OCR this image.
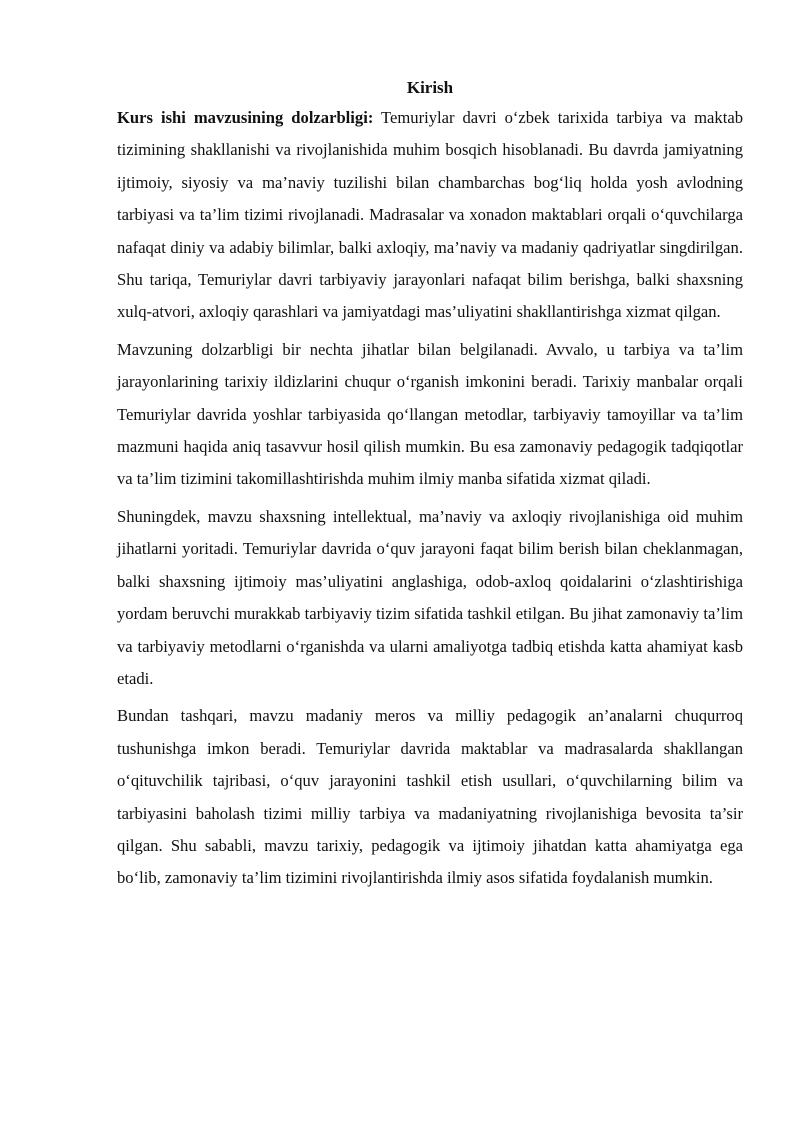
Kirish

Kurs ishi mavzusining dolzarbligi: Temuriylar davri o‘zbek tarixida tarbiya va maktab tizimining shakllanishi va rivojlanishida muhim bosqich hisoblanadi. Bu davrda jamiyatning ijtimoiy, siyosiy va ma’naviy tuzilishi bilan chambarchas bog‘liq holda yosh avlodning tarbiyasi va ta’lim tizimi rivojlanadi. Madrasalar va xonadon maktablari orqali o‘quvchilarga nafaqat diniy va adabiy bilimlar, balki axloqiy, ma’naviy va madaniy qadriyatlar singdirilgan. Shu tariqa, Temuriylar davri tarbiyaviy jarayonlari nafaqat bilim berishga, balki shaxsning xulq-atvori, axloqiy qarashlari va jamiyatdagi mas’uliyatini shakllantirishga xizmat qilgan.

Mavzuning dolzarbligi bir nechta jihatlar bilan belgilanadi. Avvalo, u tarbiya va ta’lim jarayonlarining tarixiy ildizlarini chuqur o‘rganish imkonini beradi. Tarixiy manbalar orqali Temuriylar davrida yoshlar tarbiyasida qo‘llangan metodlar, tarbiyaviy tamoyillar va ta’lim mazmuni haqida aniq tasavvur hosil qilish mumkin. Bu esa zamonaviy pedagogik tadqiqotlar va ta’lim tizimini takomillashtirishda muhim ilmiy manba sifatida xizmat qiladi.

Shuningdek, mavzu shaxsning intellektual, ma’naviy va axloqiy rivojlanishiga oid muhim jihatlarni yoritadi. Temuriylar davrida o‘quv jarayoni faqat bilim berish bilan cheklanmagan, balki shaxsning ijtimoiy mas’uliyatini anglashiga, odob-axloq qoidalarini o‘zlashtirishiga yordam beruvchi murakkab tarbiyaviy tizim sifatida tashkil etilgan. Bu jihat zamonaviy ta’lim va tarbiyaviy metodlarni o‘rganishda va ularni amaliyotga tadbiq etishda katta ahamiyat kasb etadi.

Bundan tashqari, mavzu madaniy meros va milliy pedagogik an’analarni chuqurroq tushunishga imkon beradi. Temuriylar davrida maktablar va madrasalarda shakllangan o‘qituvchilik tajribasi, o‘quv jarayonini tashkil etish usullari, o‘quvchilarning bilim va tarbiyasini baholash tizimi milliy tarbiya va madaniyatning rivojlanishiga bevosita ta’sir qilgan. Shu sababli, mavzu tarixiy, pedagogik va ijtimoiy jihatdan katta ahamiyatga ega bo‘lib, zamonaviy ta’lim tizimini rivojlantirishda ilmiy asos sifatida foydalanish mumkin.
